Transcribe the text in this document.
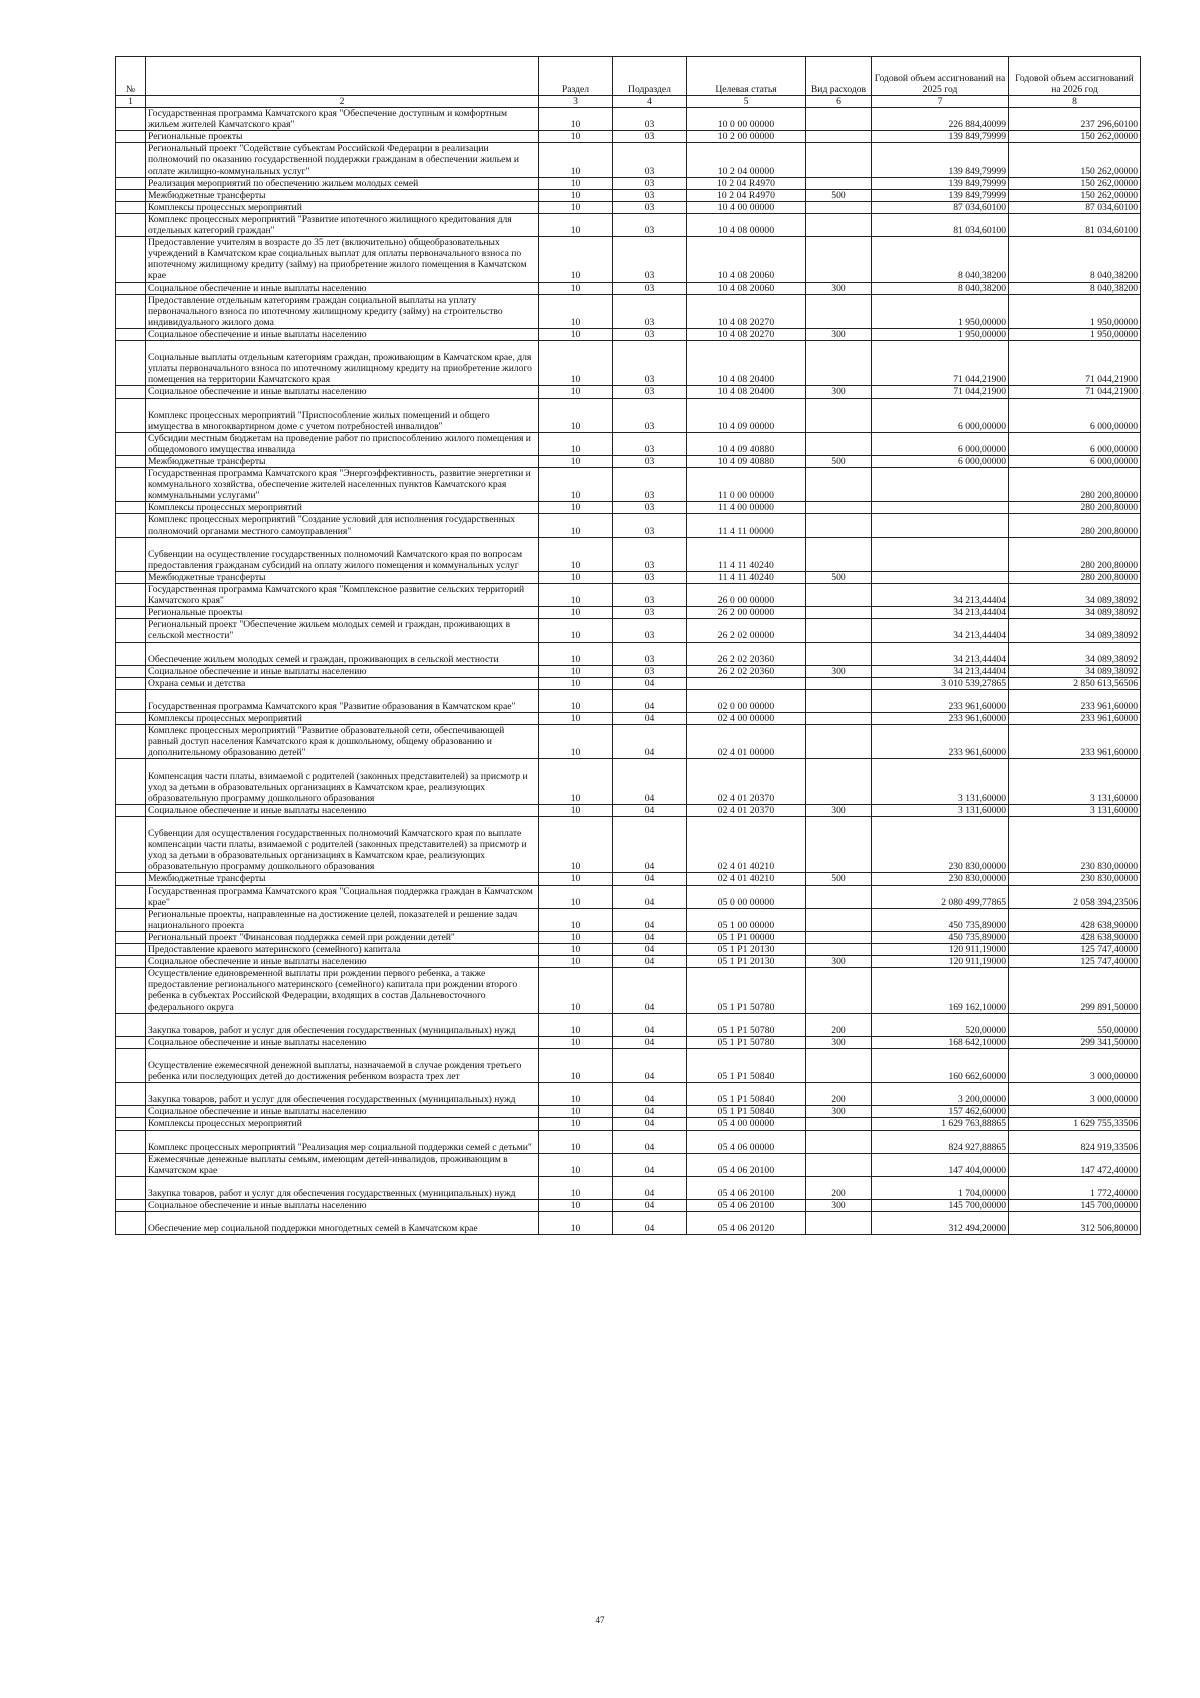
№		Раздел	Подраздел	Целевая статья	Вид расходов	Годовой объем ассигнований на 2025 год	Годовой объем ассигнований на 2026 год
1	2	3	4	5	6	7	8
	Государственная программа Камчатского края "Обеспечение доступным и комфортным жильем жителей Камчатского края"	10	03	10 0 00 00000		226 884,40099	237 296,60100
	Региональные проекты	10	03	10 2 00 00000		139 849,79999	150 262,00000
	Региональный проект "Содействие субъектам Российской Федерации в реализации полномочий по оказанию государственной поддержки гражданам в обеспечении жильем и оплате жилищно-коммунальных услуг"	10	03	10 2 04 00000		139 849,79999	150 262,00000
	Реализация мероприятий по обеспечению жильем молодых семей	10	03	10 2 04 R4970		139 849,79999	150 262,00000
	Межбюджетные трансферты	10	03	10 2 04 R4970	500	139 849,79999	150 262,00000
	Комплексы процессных мероприятий	10	03	10 4 00 00000		87 034,60100	87 034,60100
	Комплекс процессных мероприятий "Развитие ипотечного жилищного кредитования для отдельных категорий граждан"	10	03	10 4 08 00000		81 034,60100	81 034,60100
	Предоставление учителям в возрасте до 35 лет (включительно) общеобразовательных учреждений в Камчатском крае социальных выплат для оплаты первоначального взноса по ипотечному жилищному кредиту (займу) на приобретение жилого помещения в Камчатском крае	10	03	10 4 08 20060		8 040,38200	8 040,38200
	Социальное обеспечение и иные выплаты населению	10	03	10 4 08 20060	300	8 040,38200	8 040,38200
	Предоставление отдельным категориям граждан социальной выплаты на уплату первоначального взноса по ипотечному жилищному кредиту (займу) на строительство индивидуального жилого дома	10	03	10 4 08 20270		1 950,00000	1 950,00000
	Социальное обеспечение и иные выплаты населению	10	03	10 4 08 20270	300	1 950,00000	1 950,00000
	Социальные выплаты отдельным категориям граждан, проживающим в Камчатском крае, для уплаты первоначального взноса по ипотечному жилищному кредиту на приобретение жилого помещения на территории Камчатского края	10	03	10 4 08 20400		71 044,21900	71 044,21900
	Социальное обеспечение и иные выплаты населению	10	03	10 4 08 20400	300	71 044,21900	71 044,21900
	Комплекс процессных мероприятий "Приспособление жилых помещений и общего имущества в многоквартирном доме с учетом потребностей инвалидов"	10	03	10 4 09 00000		6 000,00000	6 000,00000
	Субсидии местным бюджетам на проведение работ по приспособлению жилого помещения и общедомового имущества инвалида	10	03	10 4 09 40880		6 000,00000	6 000,00000
	Межбюджетные трансферты	10	03	10 4 09 40880	500	6 000,00000	6 000,00000
	Государственная программа Камчатского края "Энергоэффективность, развитие энергетики и коммунального хозяйства, обеспечение жителей населенных пунктов Камчатского края коммунальными услугами"	10	03	11 0 00 00000			280 200,80000
	Комплексы процессных мероприятий	10	03	11 4 00 00000			280 200,80000
	Комплекс процессных мероприятий "Создание условий для исполнения государственных полномочий органами местного самоуправления"	10	03	11 4 11 00000			280 200,80000
	Субвенции на осуществление государственных полномочий Камчатского края по вопросам предоставления гражданам субсидий на оплату жилого помещения и коммунальных услуг	10	03	11 4 11 40240			280 200,80000
	Межбюджетные трансферты	10	03	11 4 11 40240	500		280 200,80000
	Государственная программа Камчатского края "Комплексное развитие сельских территорий Камчатского края"	10	03	26 0 00 00000		34 213,44404	34 089,38092
	Региональные проекты	10	03	26 2 00 00000		34 213,44404	34 089,38092
	Региональный проект "Обеспечение жильем молодых семей и граждан, проживающих в сельской местности"	10	03	26 2 02 00000		34 213,44404	34 089,38092
	Обеспечение жильем молодых семей и граждан, проживающих в сельской местности	10	03	26 2 02 20360		34 213,44404	34 089,38092
	Социальное обеспечение и иные выплаты населению	10	03	26 2 02 20360	300	34 213,44404	34 089,38092
	Охрана семьи и детства	10	04			3 010 539,27865	2 850 613,56506
	Государственная программа Камчатского края "Развитие образования в Камчатском крае"	10	04	02 0 00 00000		233 961,60000	233 961,60000
	Комплексы процессных мероприятий	10	04	02 4 00 00000		233 961,60000	233 961,60000
	Комплекс процессных мероприятий "Развитие образовательной сети, обеспечивающей равный доступ населения Камчатского края к дошкольному, общему образованию и дополнительному образованию детей"	10	04	02 4 01 00000		233 961,60000	233 961,60000
	Компенсация части платы, взимаемой с родителей (законных представителей) за присмотр и уход за детьми в образовательных организациях в Камчатском крае, реализующих образовательную программу дошкольного образования	10	04	02 4 01 20370		3 131,60000	3 131,60000
	Социальное обеспечение и иные выплаты населению	10	04	02 4 01 20370	300	3 131,60000	3 131,60000
	Субвенции для осуществления государственных полномочий Камчатского края по выплате компенсации части платы, взимаемой с родителей (законных представителей) за присмотр и уход за детьми в образовательных организациях в Камчатском крае, реализующих образовательную программу дошкольного образования	10	04	02 4 01 40210		230 830,00000	230 830,00000
	Межбюджетные трансферты	10	04	02 4 01 40210	500	230 830,00000	230 830,00000
	Государственная программа Камчатского края "Социальная поддержка граждан в Камчатском крае"	10	04	05 0 00 00000		2 080 499,77865	2 058 394,23506
	Региональные проекты, направленные на достижение целей, показателей и решение задач национального проекта	10	04	05 1 00 00000		450 735,89000	428 638,90000
	Региональный проект "Финансовая поддержка семей при рождении детей"	10	04	05 1 P1 00000		450 735,89000	428 638,90000
	Предоставление краевого материнского (семейного) капитала	10	04	05 1 P1 20130		120 911,19000	125 747,40000
	Социальное обеспечение и иные выплаты населению	10	04	05 1 P1 20130	300	120 911,19000	125 747,40000
	Осуществление единовременной выплаты при рождении первого ребенка, а также предоставление регионального материнского (семейного) капитала при рождении второго ребенка в субъектах Российской Федерации, входящих в состав Дальневосточного федерального округа	10	04	05 1 P1 50780		169 162,10000	299 891,50000
	Закупка товаров, работ и услуг для обеспечения государственных (муниципальных) нужд	10	04	05 1 P1 50780	200	520,00000	550,00000
	Социальное обеспечение и иные выплаты населению	10	04	05 1 P1 50780	300	168 642,10000	299 341,50000
	Осуществление ежемесячной денежной выплаты, назначаемой в случае рождения третьего ребенка или последующих детей до достижения ребенком возраста трех лет	10	04	05 1 P1 50840		160 662,60000	3 000,00000
	Закупка товаров, работ и услуг для обеспечения государственных (муниципальных) нужд	10	04	05 1 P1 50840	200	3 200,00000	3 000,00000
	Социальное обеспечение и иные выплаты населению	10	04	05 1 P1 50840	300	157 462,60000	
	Комплексы процессных мероприятий	10	04	05 4 00 00000		1 629 763,88865	1 629 755,33506
	Комплекс процессных мероприятий "Реализация мер социальной поддержки семей с детьми"	10	04	05 4 06 00000		824 927,88865	824 919,33506
	Ежемесячные денежные выплаты семьям, имеющим детей-инвалидов, проживающим в Камчатском крае	10	04	05 4 06 20100		147 404,00000	147 472,40000
	Закупка товаров, работ и услуг для обеспечения государственных (муниципальных) нужд	10	04	05 4 06 20100	200	1 704,00000	1 772,40000
	Социальное обеспечение и иные выплаты населению	10	04	05 4 06 20100	300	145 700,00000	145 700,00000
	Обеспечение мер социальной поддержки многодетных семей в Камчатском крае	10	04	05 4 06 20120		312 494,20000	312 506,80000
47
